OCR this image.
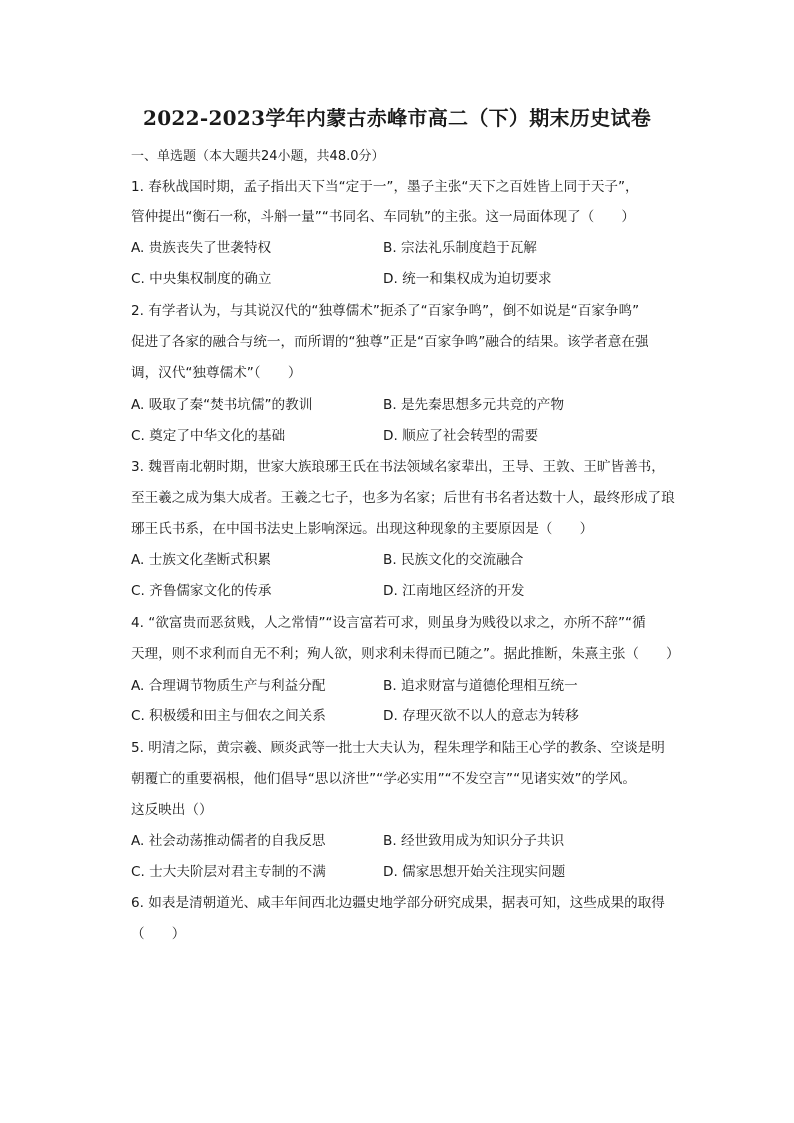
2022-2023学年内蒙古赤峰市高二（下）期末历史试卷
一、单选题（本大题共24小题，共48.0分）
1. 春秋战国时期，孟子指出天下当“定于一”，墨子主张“天下之百姓皆上同于天子”，
管仲提出“衡石一称，斗斛一量”“书同名、车同轨”的主张。这一局面体现了（　　）
A. 贵族丧失了世袭特权	B. 宗法礼乐制度趋于瓦解
C. 中央集权制度的确立	D. 统一和集权成为迫切要求
2. 有学者认为，与其说汉代的“独尊儒术”扼杀了“百家争鸣”，倒不如说是“百家争鸣”
促进了各家的融合与统一，而所谓的“独尊”正是“百家争鸣”融合的结果。该学者意在强
调，汉代“独尊儒术”（　　）
A. 吸取了秦“焚书坑儒”的教训	B. 是先秦思想多元共竞的产物
C. 奠定了中华文化的基础	D. 顺应了社会转型的需要
3. 魏晋南北朝时期，世家大族琅琊王氏在书法领域名家辈出，王导、王敦、王旷皆善书，
至王羲之成为集大成者。王羲之七子，也多为名家；后世有书名者达数十人，最终形成了琅
琊王氏书系，在中国书法史上影响深远。出现这种现象的主要原因是（　　）
A. 士族文化垄断式积累	B. 民族文化的交流融合
C. 齐鲁儒家文化的传承	D. 江南地区经济的开发
4. “欲富贵而恶贫贱，人之常情”“设言富若可求，则虽身为贱役以求之，亦所不辞”“循
天理，则不求利而自无不利；殉人欲，则求利未得而已随之”。据此推断，朱熹主张（　　）
A. 合理调节物质生产与利益分配	B. 追求财富与道德伦理相互统一
C. 积极缓和田主与佃农之间关系	D. 存理灭欲不以人的意志为转移
5. 明清之际，黄宗羲、顾炎武等一批士大夫认为，程朱理学和陆王心学的教条、空谈是明
朝覆亡的重要祸根，他们倡导“思以济世”“学必实用”“不发空言”“见诸实效”的学风。
这反映出（）
A. 社会动荡推动儒者的自我反思	B. 经世致用成为知识分子共识
C. 士大夫阶层对君主专制的不满	D. 儒家思想开始关注现实问题
6. 如表是清朝道光、咸丰年间西北边疆史地学部分研究成果，据表可知，这些成果的取得
（　　）
